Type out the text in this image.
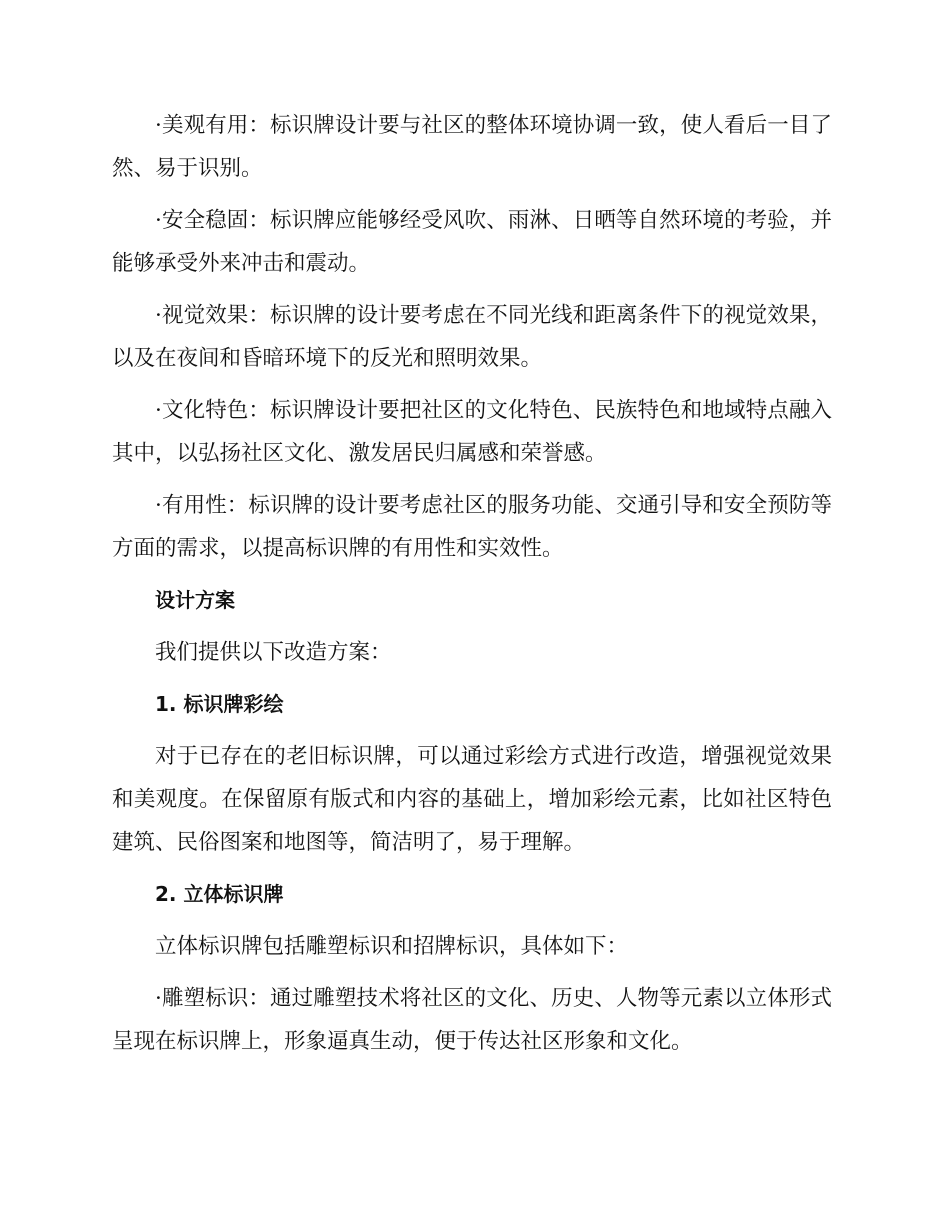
·美观有用：标识牌设计要与社区的整体环境协调一致，使人看后一目了然、易于识别。

·安全稳固：标识牌应能够经受风吹、雨淋、日晒等自然环境的考验，并能够承受外来冲击和震动。

·视觉效果：标识牌的设计要考虑在不同光线和距离条件下的视觉效果，以及在夜间和昏暗环境下的反光和照明效果。

·文化特色：标识牌设计要把社区的文化特色、民族特色和地域特点融入其中，以弘扬社区文化、激发居民归属感和荣誉感。

·有用性：标识牌的设计要考虑社区的服务功能、交通引导和安全预防等方面的需求，以提高标识牌的有用性和实效性。

设计方案

我们提供以下改造方案：

1. 标识牌彩绘

对于已存在的老旧标识牌，可以通过彩绘方式进行改造，增强视觉效果和美观度。在保留原有版式和内容的基础上，增加彩绘元素，比如社区特色建筑、民俗图案和地图等，简洁明了，易于理解。

2. 立体标识牌

立体标识牌包括雕塑标识和招牌标识，具体如下：

·雕塑标识：通过雕塑技术将社区的文化、历史、人物等元素以立体形式呈现在标识牌上，形象逼真生动，便于传达社区形象和文化。
